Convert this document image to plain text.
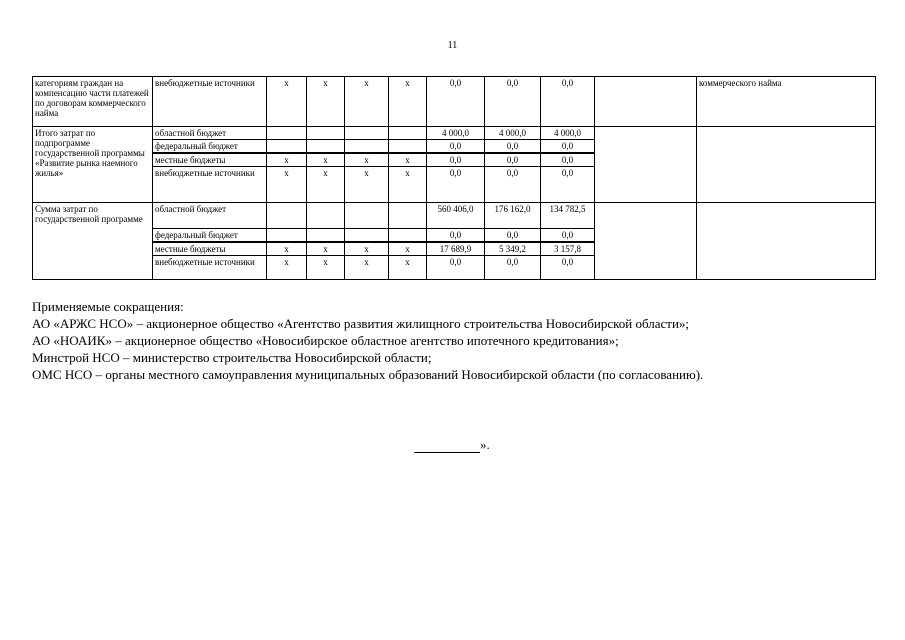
11
категориям граждан на компенсацию части платежей по договорам коммерческого найма	внебюджетные источники	х	х	х	х	0,0	0,0	0,0		коммерческого найма
Итого затрат по подпрограмме государственной программы «Развитие рынка наемного жилья»	областной бюджет					4 000,0	4 000,0	4 000,0		
	федеральный бюджет					0,0	0,0	0,0		
	местные бюджеты	х	х	х	х	0,0	0,0	0,0		
	внебюджетные источники	х	х	х	х	0,0	0,0	0,0		
Сумма затрат по государственной программе	областной бюджет					560 406,0	176 162,0	134 782,5		
	федеральный бюджет					0,0	0,0	0,0		
	местные бюджеты	х	х	х	х	17 689,9	5 349,2	3 157,8		
	внебюджетные источники	х	х	х	х	0,0	0,0	0,0		
Применяемые сокращения:
АО «АРЖС НСО» – акционерное общество «Агентство развития жилищного строительства Новосибирской области»;
АО «НОАИК» – акционерное общество «Новосибирское областное агентство ипотечного кредитования»;
Минстрой НСО – министерство строительства Новосибирской области;
ОМС НСО – органы местного самоуправления муниципальных образований Новосибирской области (по согласованию).
».
